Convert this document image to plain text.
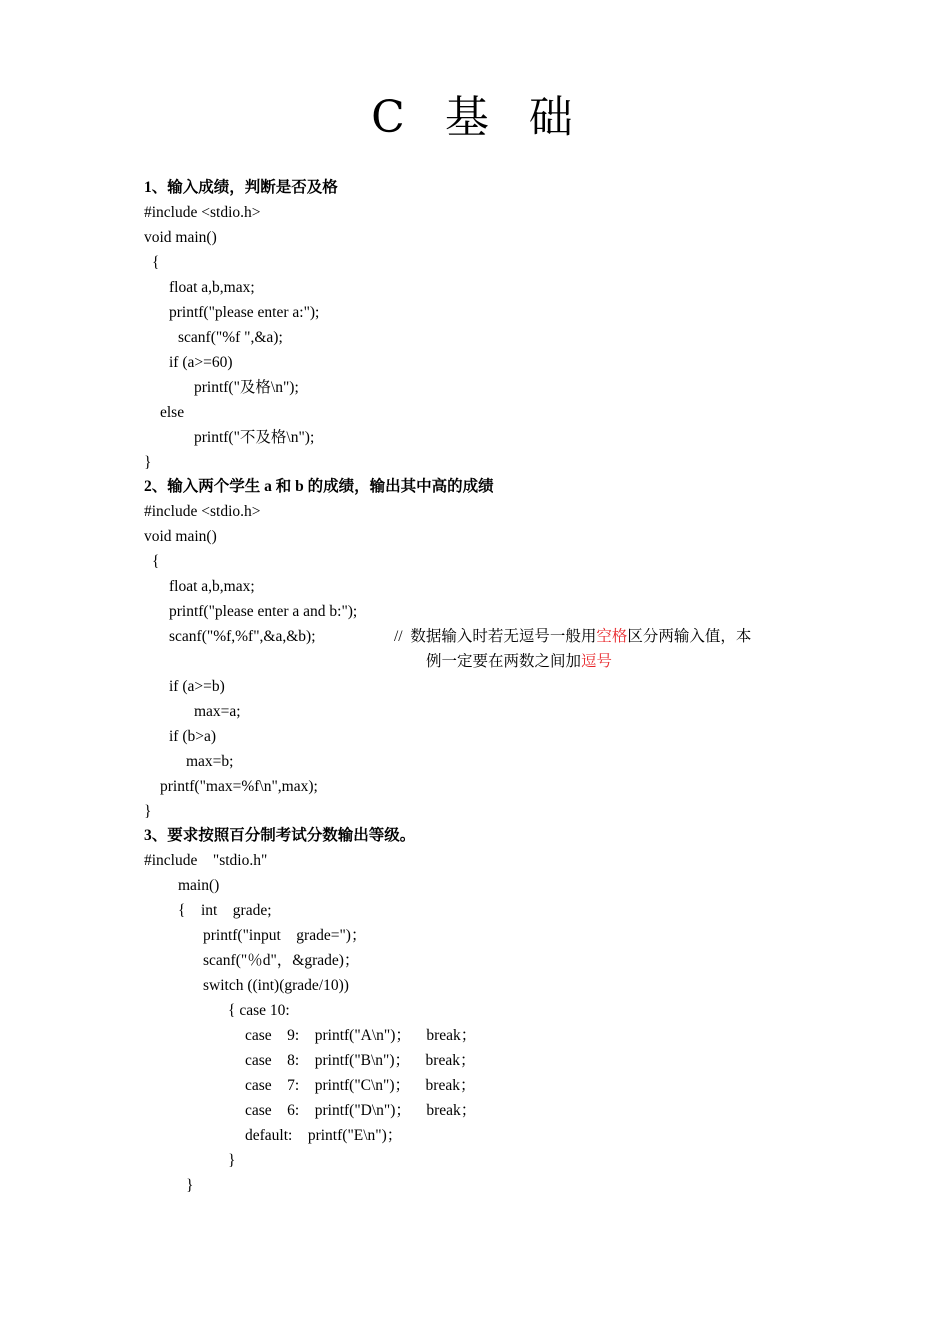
C 基 础
1、输入成绩，判断是否及格
#include <stdio.h>
void main()
{
float a,b,max;
printf("please enter a:");
scanf("%f ",&a);
if (a>=60)
printf("及格\n");
else
printf("不及格\n");
}
2、输入两个学生 a 和 b 的成绩，输出其中高的成绩
#include <stdio.h>
void main()
{
float a,b,max;
printf("please enter a and b:");
scanf("%f,%f",&a,&b);	// 数据输入时若无逗号一般用空格区分两输入值，本
例一定要在两数之间加逗号
if (a>=b)
max=a;
if (b>a)
max=b;
printf("max=%f\n",max);
}
3、要求按照百分制考试分数输出等级。
#include    "stdio.h"
main()
{    int    grade;
printf("input    grade=")；
scanf("％d"，&grade)；
switch ((int)(grade/10))
{ case 10:
case    9:    printf("A\n")；    break；
case    8:    printf("B\n")；    break；
case    7:    printf("C\n")；    break；
case    6:    printf("D\n")；    break；
default:    printf("E\n")；
}
}
